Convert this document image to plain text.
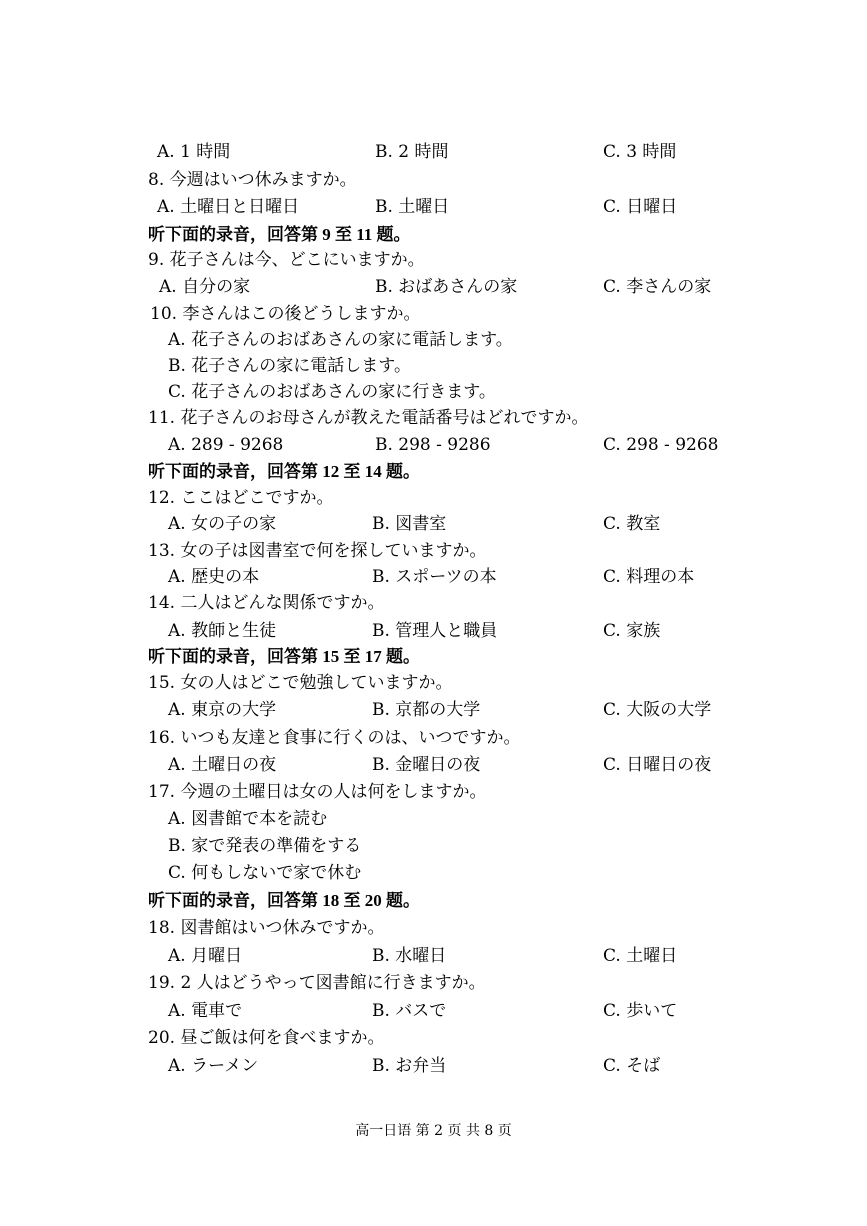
A. 1 時間	B. 2 時間	C. 3 時間
8. 今週はいつ休みますか。
A. 土曜日と日曜日	B. 土曜日	C. 日曜日
听下面的录音，回答第 9 至 11 题。
9. 花子さんは今、どこにいますか。
A. 自分の家	B. おばあさんの家	C. 李さんの家
10. 李さんはこの後どうしますか。
A. 花子さんのおばあさんの家に電話します。
B. 花子さんの家に電話します。
C. 花子さんのおばあさんの家に行きます。
11. 花子さんのお母さんが教えた電話番号はどれですか。
A. 289 - 9268	B. 298 - 9286	C. 298 - 9268
听下面的录音，回答第 12 至 14 题。
12. ここはどこですか。
A. 女の子の家	B. 図書室	C. 教室
13. 女の子は図書室で何を探していますか。
A. 歴史の本	B. スポーツの本	C. 料理の本
14. 二人はどんな関係ですか。
A. 教師と生徒	B. 管理人と職員	C. 家族
听下面的录音，回答第 15 至 17 题。
15. 女の人はどこで勉強していますか。
A. 東京の大学	B. 京都の大学	C. 大阪の大学
16. いつも友達と食事に行くのは、いつですか。
A. 土曜日の夜	B. 金曜日の夜	C. 日曜日の夜
17. 今週の土曜日は女の人は何をしますか。
A. 図書館で本を読む
B. 家で発表の準備をする
C. 何もしないで家で休む
听下面的录音，回答第 18 至 20 题。
18. 図書館はいつ休みですか。
A. 月曜日	B. 水曜日	C. 土曜日
19. 2 人はどうやって図書館に行きますか。
A. 電車で	B. バスで	C. 歩いて
20. 昼ご飯は何を食べますか。
A. ラーメン	B. お弁当	C. そば
高一日语 第 2 页 共 8 页
